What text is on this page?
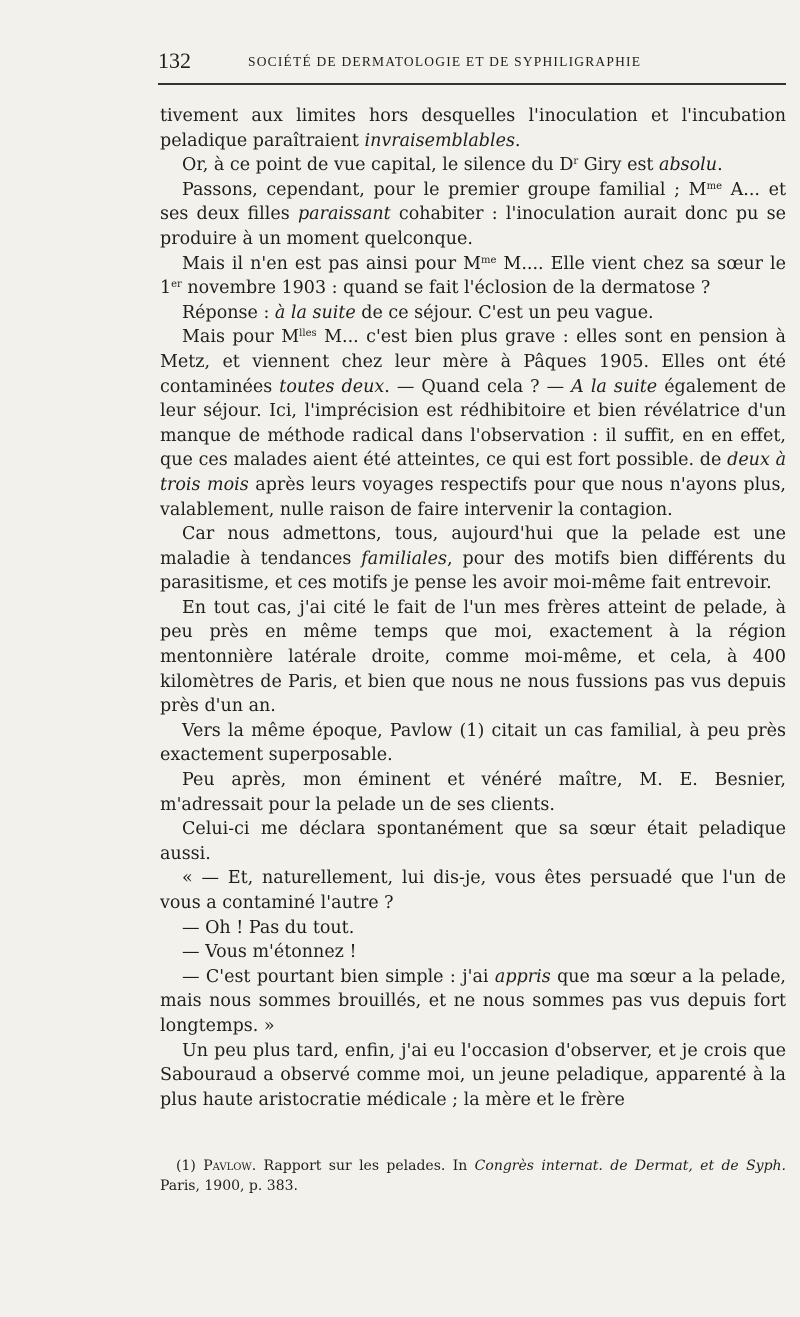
132	SOCIÉTÉ DE DERMATOLOGIE ET DE SYPHILIGRAPHIE

tivement aux limites hors desquelles l'inoculation et l'incubation peladique paraîtraient invraisemblables.

Or, à ce point de vue capital, le silence du $D^r$ Giry est absolu.

Passons, cependant, pour le premier groupe familial ; $M^{me}$ A... et ses deux filles paraissant cohabiter : l'inoculation aurait donc pu se produire à un moment quelconque.

Mais il n'en est pas ainsi pour $M^{me}$ M.... Elle vient chez sa sœur le 1er novembre 1903 : quand se fait l'éclosion de la dermatose ?

Réponse : à la suite de ce séjour. C'est un peu vague.

Mais pour $M^{lles}$ M... c'est bien plus grave : elles sont en pension à Metz, et viennent chez leur mère à Pâques 1905. Elles ont été contaminées toutes deux. — Quand cela ? — A la suite également de leur séjour. Ici, l'imprécision est rédhibitoire et bien révélatrice d'un manque de méthode radical dans l'observation : il suffit, en en effet, que ces malades aient été atteintes, ce qui est fort possible. de deux à trois mois après leurs voyages respectifs pour que nous n'ayons plus, valablement, nulle raison de faire intervenir la contagion.

Car nous admettons, tous, aujourd'hui que la pelade est une maladie à tendances familiales, pour des motifs bien différents du parasitisme, et ces motifs je pense les avoir moi-même fait entrevoir.

En tout cas, j'ai cité le fait de l'un mes frères atteint de pelade, à peu près en même temps que moi, exactement à la région mentonnière latérale droite, comme moi-même, et cela, à 400 kilomètres de Paris, et bien que nous ne nous fussions pas vus depuis près d'un an.

Vers la même époque, Pavlow (1) citait un cas familial, à peu près exactement superposable.

Peu après, mon éminent et vénéré maître, M. E. Besnier, m'adressait pour la pelade un de ses clients.

Celui-ci me déclara spontanément que sa sœur était peladique aussi.

« — Et, naturellement, lui dis-je, vous êtes persuadé que l'un de vous a contaminé l'autre ?

— Oh ! Pas du tout.

— Vous m'étonnez !

— C'est pourtant bien simple : j'ai appris que ma sœur a la pelade, mais nous sommes brouillés, et ne nous sommes pas vus depuis fort longtemps. »

Un peu plus tard, enfin, j'ai eu l'occasion d'observer, et je crois que Sabouraud a observé comme moi, un jeune peladique, apparenté à la plus haute aristocratie médicale ; la mère et le frère

(1) Pavlow. Rapport sur les pelades. In Congrès internat. de Dermat, et de Syph. Paris, 1900, p. 383.
